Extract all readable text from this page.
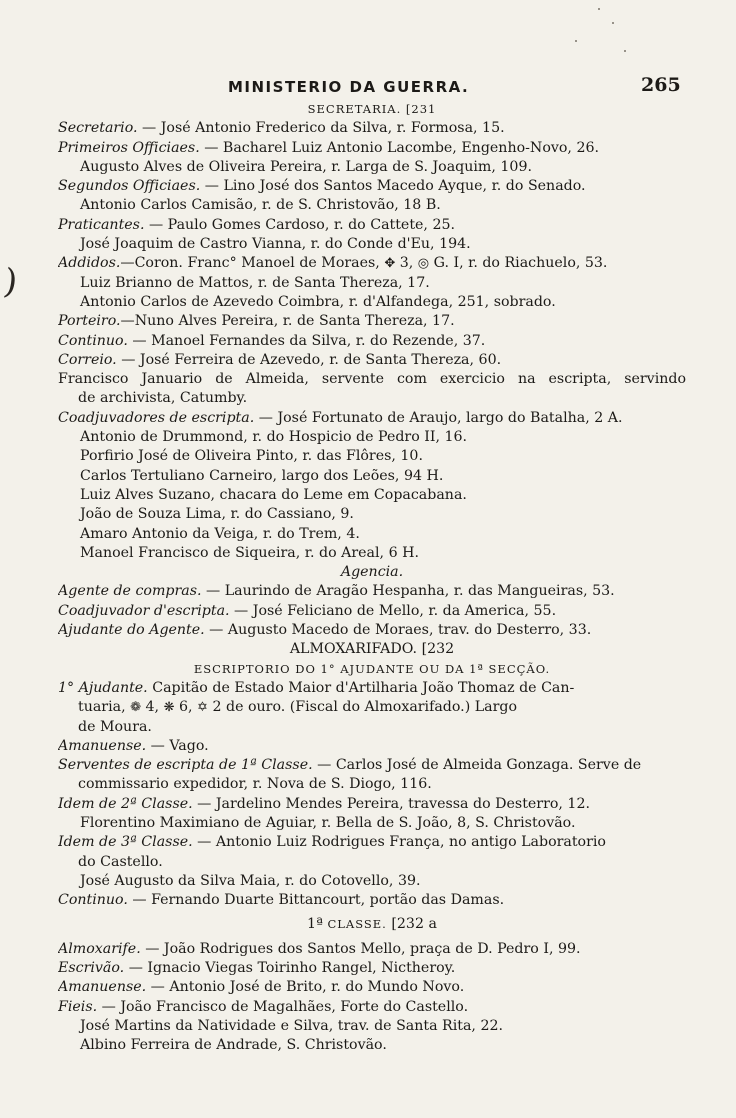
)
MINISTERIO DA GUERRA.	265
SECRETARIA. [231
Secretario. — José Antonio Frederico da Silva, r. Formosa, 15.
Primeiros Officiaes. — Bacharel Luiz Antonio Lacombe, Engenho-Novo, 26.
Augusto Alves de Oliveira Pereira, r. Larga de S. Joaquim, 109.
Segundos Officiaes. — Lino José dos Santos Macedo Ayque, r. do Senado.
Antonio Carlos Camisão, r. de S. Christovão, 18 B.
Praticantes. — Paulo Gomes Cardoso, r. do Cattete, 25.
José Joaquim de Castro Vianna, r. do Conde d'Eu, 194.
Addidos.—Coron. Franc° Manoel de Moraes, ✥ 3, ◎ G. I, r. do Riachuelo, 53.
Luiz Brianno de Mattos, r. de Santa Thereza, 17.
Antonio Carlos de Azevedo Coimbra, r. d'Alfandega, 251, sobrado.
Porteiro.—Nuno Alves Pereira, r. de Santa Thereza, 17.
Continuo. — Manoel Fernandes da Silva, r. do Rezende, 37.
Correio. — José Ferreira de Azevedo, r. de Santa Thereza, 60.
Francisco Januario de Almeida, servente com exercicio na escripta, servindo
de archivista, Catumby.
Coadjuvadores de escripta. — José Fortunato de Araujo, largo do Batalha, 2 A.
Antonio de Drummond, r. do Hospicio de Pedro II, 16.
Porfirio José de Oliveira Pinto, r. das Flôres, 10.
Carlos Tertuliano Carneiro, largo dos Leões, 94 H.
Luiz Alves Suzano, chacara do Leme em Copacabana.
João de Souza Lima, r. do Cassiano, 9.
Amaro Antonio da Veiga, r. do Trem, 4.
Manoel Francisco de Siqueira, r. do Areal, 6 H.
Agencia.
Agente de compras. — Laurindo de Aragão Hespanha, r. das Mangueiras, 53.
Coadjuvador d'escripta. — José Feliciano de Mello, r. da America, 55.
Ajudante do Agente. — Augusto Macedo de Moraes, trav. do Desterro, 33.
ALMOXARIFADO. [232
ESCRIPTORIO DO 1° AJUDANTE OU DA 1ª SECÇÃO.
1° Ajudante. Capitão de Estado Maior d'Artilharia João Thomaz de Can-
tuaria, ❁ 4, ❋ 6, ✡ 2 de ouro. (Fiscal do Almoxarifado.) Largo
de Moura.
Amanuense. — Vago.
Serventes de escripta de 1ª Classe. — Carlos José de Almeida Gonzaga. Serve de
commissario expedidor, r. Nova de S. Diogo, 116.
Idem de 2ª Classe. — Jardelino Mendes Pereira, travessa do Desterro, 12.
Florentino Maximiano de Aguiar, r. Bella de S. João, 8, S. Christovão.
Idem de 3ª Classe. — Antonio Luiz Rodrigues França, no antigo Laboratorio
do Castello.
José Augusto da Silva Maia, r. do Cotovello, 39.
Continuo. — Fernando Duarte Bittancourt, portão das Damas.
1ª CLASSE. [232 a
Almoxarife. — João Rodrigues dos Santos Mello, praça de D. Pedro I, 99.
Escrivão. — Ignacio Viegas Toirinho Rangel, Nictheroy.
Amanuense. — Antonio José de Brito, r. do Mundo Novo.
Fieis. — João Francisco de Magalhães, Forte do Castello.
José Martins da Natividade e Silva, trav. de Santa Rita, 22.
Albino Ferreira de Andrade, S. Christovão.
